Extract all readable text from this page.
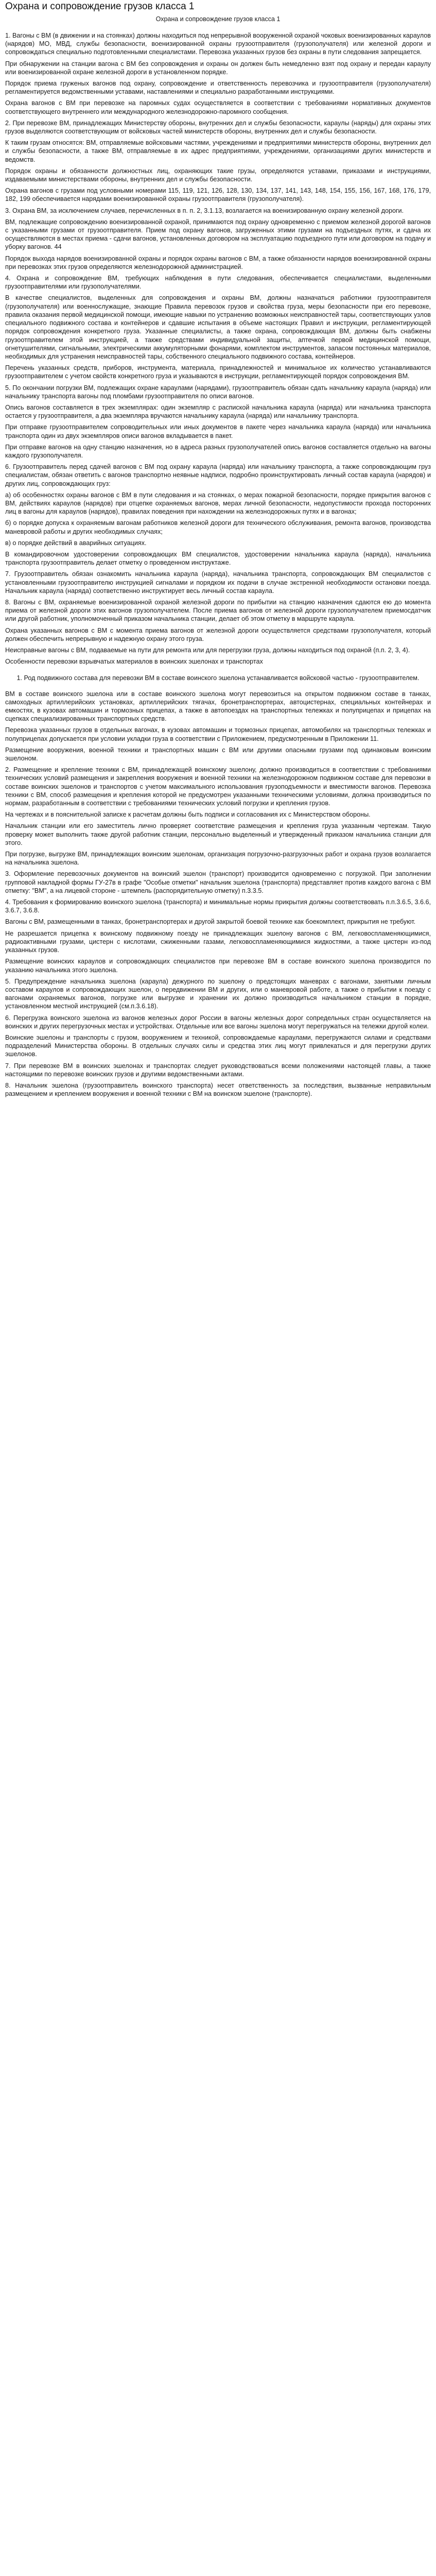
Охрана и сопровождение грузов класса 1
Охрана и сопровождение грузов класса 1

1. Вагоны с ВМ (в движении и на стоянках) должны находиться под непрерывной вооруженной охраной чоковых военизированных караулов (нарядов) МО, МВД, службы безопасности, военизированной охраны грузоотправителя (грузополучателя) или железной дороги и сопровождаться специально подготовленными специалистами. Перевозка указанных грузов без охраны в пути следования запрещается.

При обнаружении на станции вагона с ВМ без сопровождения и охраны он должен быть немедленно взят под охрану и передан караулу или военизированной охране железной дороги в установленном порядке.

Порядок приема груженых вагонов под охрану, сопровождение и ответственность перевозчика и грузоотправителя (грузополучателя) регламентируется ведомственными уставами, наставлениями и специально разработанными инструкциями.

Охрана вагонов с ВМ при перевозке на паромных судах осуществляется в соответствии с требованиями нормативных документов соответствующего внутреннего или международного железнодорожно-паромного сообщения.

2. При перевозке ВМ, принадлежащих Министерству обороны, внутренних дел и службы безопасности, караулы (наряды) для охраны этих грузов выделяются соответствующим от войсковых частей министерств обороны, внутренних дел и службы безопасности.

К таким грузам относятся: ВМ, отправляемые войсковыми частями, учреждениями и предприятиями министерств обороны, внутренних дел и службы безопасности, а также ВМ, отправляемые в их адрес предприятиями, учреждениями, организациями других министерств и ведомств.

Порядок охраны и обязанности должностных лиц, охраняющих такие грузы, определяются уставами, приказами и инструкциями, издаваемыми министерствами обороны, внутренних дел и службы безопасности.

Охрана вагонов с грузами под условными номерами 115, 119, 121, 126, 128, 130, 134, 137, 141, 143, 148, 154, 155, 156, 167, 168, 176, 179, 182, 199 обеспечивается нарядами военизированной охраны грузоотправителя (грузополучателя).

3. Охрана ВМ, за исключением случаев, перечисленных в п. п. 2, 3.1.13, возлагается на военизированную охрану железной дороги.

ВМ, подлежащие сопровождению военизированной охраной, принимаются под охрану одновременно с приемом железной дорогой вагонов с указанными грузами от грузоотправителя. Прием под охрану вагонов, загруженных этими грузами на подъездных путях, и сдача их осуществляются в местах приема - сдачи вагонов, установленных договором на эксплуатацию подъездного пути или договором на подачу и уборку вагонов. 44

Порядок выхода нарядов военизированной охраны и порядок охраны вагонов с ВМ, а также обязанности нарядов военизированной охраны при перевозках этих грузов определяются железнодорожной администрацией.

4. Охрана и сопровождение ВМ, требующих наблюдения в пути следования, обеспечивается специалистами, выделенными грузоотправителями или грузополучателями.

В качестве специалистов, выделенных для сопровождения и охраны ВМ, должны назначаться работники грузоотправителя (грузополучателя) или военнослужащие, знающие Правила перевозок грузов и свойства груза, меры безопасности при его перевозке, правила оказания первой медицинской помощи, имеющие навыки по устранению возможных неисправностей тары, соответствующих узлов специального подвижного состава и контейнеров и сдавшие испытания в объеме настоящих Правил и инструкции, регламентирующей порядок сопровождения конкретного груза. Указанные специалисты, а также охрана, сопровождающая ВМ, должны быть снабжены грузоотправителем этой инструкцией, а также средствами индивидуальной защиты, аптечкой первой медицинской помощи, огнетушителями, сигнальными, электрическими аккумуляторными фонарями, комплектом инструментов, запасом постоянных материалов, необходимых для устранения неисправностей тары, собственного специального подвижного состава, контейнеров.

Перечень указанных средств, приборов, инструмента, материала, принадлежностей и минимальное их количество устанавливаются грузоотправителем с учетом свойств конкретного груза и указываются в инструкции, регламентирующей порядок сопровождения ВМ.

5. По окончании погрузки ВМ, подлежащих охране караулами (нарядами), грузоотправитель обязан сдать начальнику караула (наряда) или начальнику транспорта вагоны под пломбами грузоотправителя по описи вагонов.

Опись вагонов составляется в трех экземплярах: один экземпляр с распиской начальника караула (наряда) или начальника транспорта остается у грузоотправителя, а два экземпляра вручаются начальнику караула (наряда) или начальнику транспорта.

При отправке грузоотправителем сопроводительных или иных документов в пакете через начальника караула (наряда) или начальника транспорта один из двух экземпляров описи вагонов вкладывается в пакет.

При отправке вагонов на одну станцию назначения, но в адреса разных грузополучателей опись вагонов составляется отдельно на вагоны каждого грузополучателя.

6. Грузоотправитель перед сдачей вагонов с ВМ под охрану караула (наряда) или начальнику транспорта, а также сопровождающим груз специалистам, обязан ответить с вагонов транспортно неявные надписи, подробно проинструктировать личный состав караула (нарядов) и других лиц, сопровождающих груз:

а) об особенностях охраны вагонов с ВМ в пути следования и на стоянках, о мерах пожарной безопасности, порядке прикрытия вагонов с ВМ, действиях караулов (нарядов) при отцепке охраняемых вагонов, мерах личной безопасности, недопустимости прохода посторонних лиц в вагоны для караулов (нарядов), правилах поведения при нахождении на железнодорожных путях и в вагонах;

б) о порядке допуска к охраняемым вагонам работников железной дороги для технического обслуживания, ремонта вагонов, производства маневровой работы и других необходимых случаях;

в) о порядке действий в аварийных ситуациях.

В командировочном удостоверении сопровождающих ВМ специалистов, удостоверении начальника караула (наряда), начальника транспорта грузоотправитель делает отметку о проведенном инструктаже.

7. Грузоотправитель обязан ознакомить начальника караула (наряда), начальника транспорта, сопровождающих ВМ специалистов с установленными грузоотправителю инструкцией сигналами и порядком их подачи в случае экстренной необходимости остановки поезда. Начальник караула (наряда) соответственно инструктирует весь личный состав караула.

8. Вагоны с ВМ, охраняемые военизированной охраной железной дороги по прибытии на станцию назначения сдаются ею до момента приема от железной дороги этих вагонов грузополучателем. После приема вагонов от железной дороги грузополучателем приемосдатчик или другой работник, уполномоченный приказом начальника станции, делает об этом отметку в маршруте караула.

Охрана указанных вагонов с ВМ с момента приема вагонов от железной дороги осуществляется средствами грузополучателя, который должен обеспечить непрерывную и надежную охрану этого груза.

Неисправные вагоны с ВМ, подаваемые на пути для ремонта или для перегрузки груза, должны находиться под охраной (п.п. 2, 3, 4).

Особенности перевозки взрывчатых материалов в воинских эшелонах и транспортах

1. Род подвижного состава для перевозки ВМ в составе воинского эшелона устанавливается войсковой частью - грузоотправителем.

ВМ в составе воинского эшелона или в составе воинского эшелона могут перевозиться на открытом подвижном составе в танках, самоходных артиллерийских установках, артиллерийских тягачах, бронетранспортерах, автоцистернах, специальных контейнерах и емкостях, в кузовах автомашин и тормозных прицепах, а также в автопоездах на транспортных тележках и полуприцепах и прицепах на сцепках специализированных транспортных средств.

Перевозка указанных грузов в отдельных вагонах, в кузовах автомашин и тормозных прицепах, автомобилях на транспортных тележках и полуприцепах допускается при условии укладки груза в соответствии с Приложением, предусмотренным в Приложении 11.

Размещение вооружения, военной техники и транспортных машин с ВМ или другими опасными грузами под одинаковым воинским эшелоном.

2. Размещение и крепление техники с ВМ, принадлежащей воинскому эшелону, должно производиться в соответствии с требованиями технических условий размещения и закрепления вооружения и военной техники на железнодорожном подвижном составе для перевозки в составе воинских эшелонов и транспортов с учетом максимального использования грузоподъемности и вместимости вагонов. Перевозка техники с ВМ, способ размещения и крепления которой не предусмотрен указанными техническими условиями, должна производиться по нормам, разработанным в соответствии с требованиями технических условий погрузки и крепления грузов.

На чертежах и в пояснительной записке к расчетам должны быть подписи и согласования их с Министерством обороны.

Начальник станции или его заместитель лично проверяет соответствие размещения и крепления груза указанным чертежам. Такую проверку может выполнить также другой работник станции, персонально выделенный и утвержденный приказом начальника станции для этого.

При погрузке, выгрузке ВМ, принадлежащих воинским эшелонам, организация погрузочно-разгрузочных работ и охрана грузов возлагается на начальника эшелона.

3. Оформление перевозочных документов на воинский эшелон (транспорт) производится одновременно с погрузкой. При заполнении групповой накладной формы ГУ-27в в графе "Особые отметки" начальник эшелона (транспорта) представляет против каждого вагона с ВМ отметку: "ВМ", а на лицевой стороне - штемпель (распорядительную отметку) п.3.3.5.

4. Требования к формированию воинского эшелона (транспорта) и минимальные нормы прикрытия должны соответствовать п.п.3.6.5, 3.6.6, 3.6.7, 3.6.8.

Вагоны с ВМ, размещенными в танках, бронетранспортерах и другой закрытой боевой технике как боекомплект, прикрытия не требуют.

Не разрешается прицепка к воинскому подвижному поезду не принадлежащих эшелону вагонов с ВМ, легковоспламеняющимися, радиоактивными грузами, цистерн с кислотами, сжиженными газами, легковоспламеняющимися жидкостями, а также цистерн из-под указанных грузов.

Размещение воинских караулов и сопровождающих специалистов при перевозке ВМ в составе воинского эшелона производится по указанию начальника этого эшелона.

5. Предупреждение начальника эшелона (караула) дежурного по эшелону о предстоящих маневрах с вагонами, занятыми личным составом караулов и сопровождающих эшелон, о передвижении ВМ и других, или о маневровой работе, а также о прибытии к поезду с вагонами охраняемых вагонов, погрузке или выгрузке и хранении их должно производиться начальником станции в порядке, установленном местной инструкцией (см.п.3.6.18).

6. Перегрузка воинского эшелона из вагонов железных дорог России в вагоны железных дорог сопредельных стран осуществляется на воинских и других перегрузочных местах и устройствах. Отдельные или все вагоны эшелона могут перегружаться на тележки другой колеи.

Воинские эшелоны и транспорты с грузом, вооружением и техникой, сопровождаемые караулами, перегружаются силами и средствами подразделений Министерства обороны. В отдельных случаях силы и средства этих лиц могут привлекаться и для перегрузки других эшелонов.

7. При перевозке ВМ в воинских эшелонах и транспортах следует руководствоваться всеми положениями настоящей главы, а также настоящими по перевозке воинских грузов и другими ведомственными актами.

8. Начальник эшелона (грузоотправитель воинского транспорта) несет ответственность за последствия, вызванные неправильным размещением и креплением вооружения и военной техники с ВМ на воинском эшелоне (транспорте).
